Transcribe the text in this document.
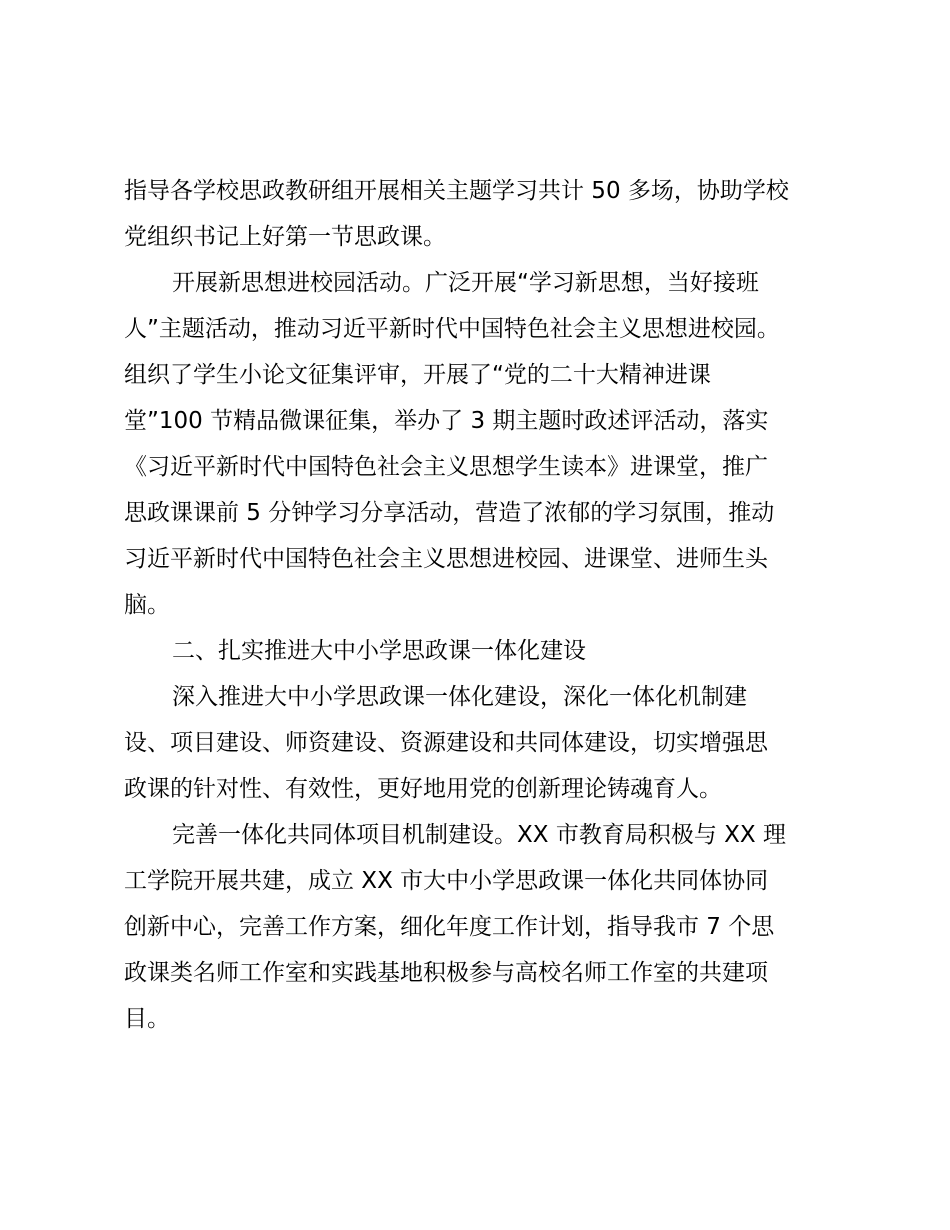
指导各学校思政教研组开展相关主题学习共计 50 多场，协助学校
党组织书记上好第一节思政课。
开展新思想进校园活动。广泛开展“学习新思想，当好接班
人”主题活动，推动习近平新时代中国特色社会主义思想进校园。
组织了学生小论文征集评审，开展了“党的二十大精神进课
堂”100 节精品微课征集，举办了 3 期主题时政述评活动，落实
《习近平新时代中国特色社会主义思想学生读本》进课堂，推广
思政课课前 5 分钟学习分享活动，营造了浓郁的学习氛围，推动
习近平新时代中国特色社会主义思想进校园、进课堂、进师生头
脑。
二、扎实推进大中小学思政课一体化建设
深入推进大中小学思政课一体化建设，深化一体化机制建
设、项目建设、师资建设、资源建设和共同体建设，切实增强思
政课的针对性、有效性，更好地用党的创新理论铸魂育人。
完善一体化共同体项目机制建设。XX 市教育局积极与 XX 理
工学院开展共建，成立 XX 市大中小学思政课一体化共同体协同
创新中心，完善工作方案，细化年度工作计划，指导我市 7 个思
政课类名师工作室和实践基地积极参与高校名师工作室的共建项
目。
